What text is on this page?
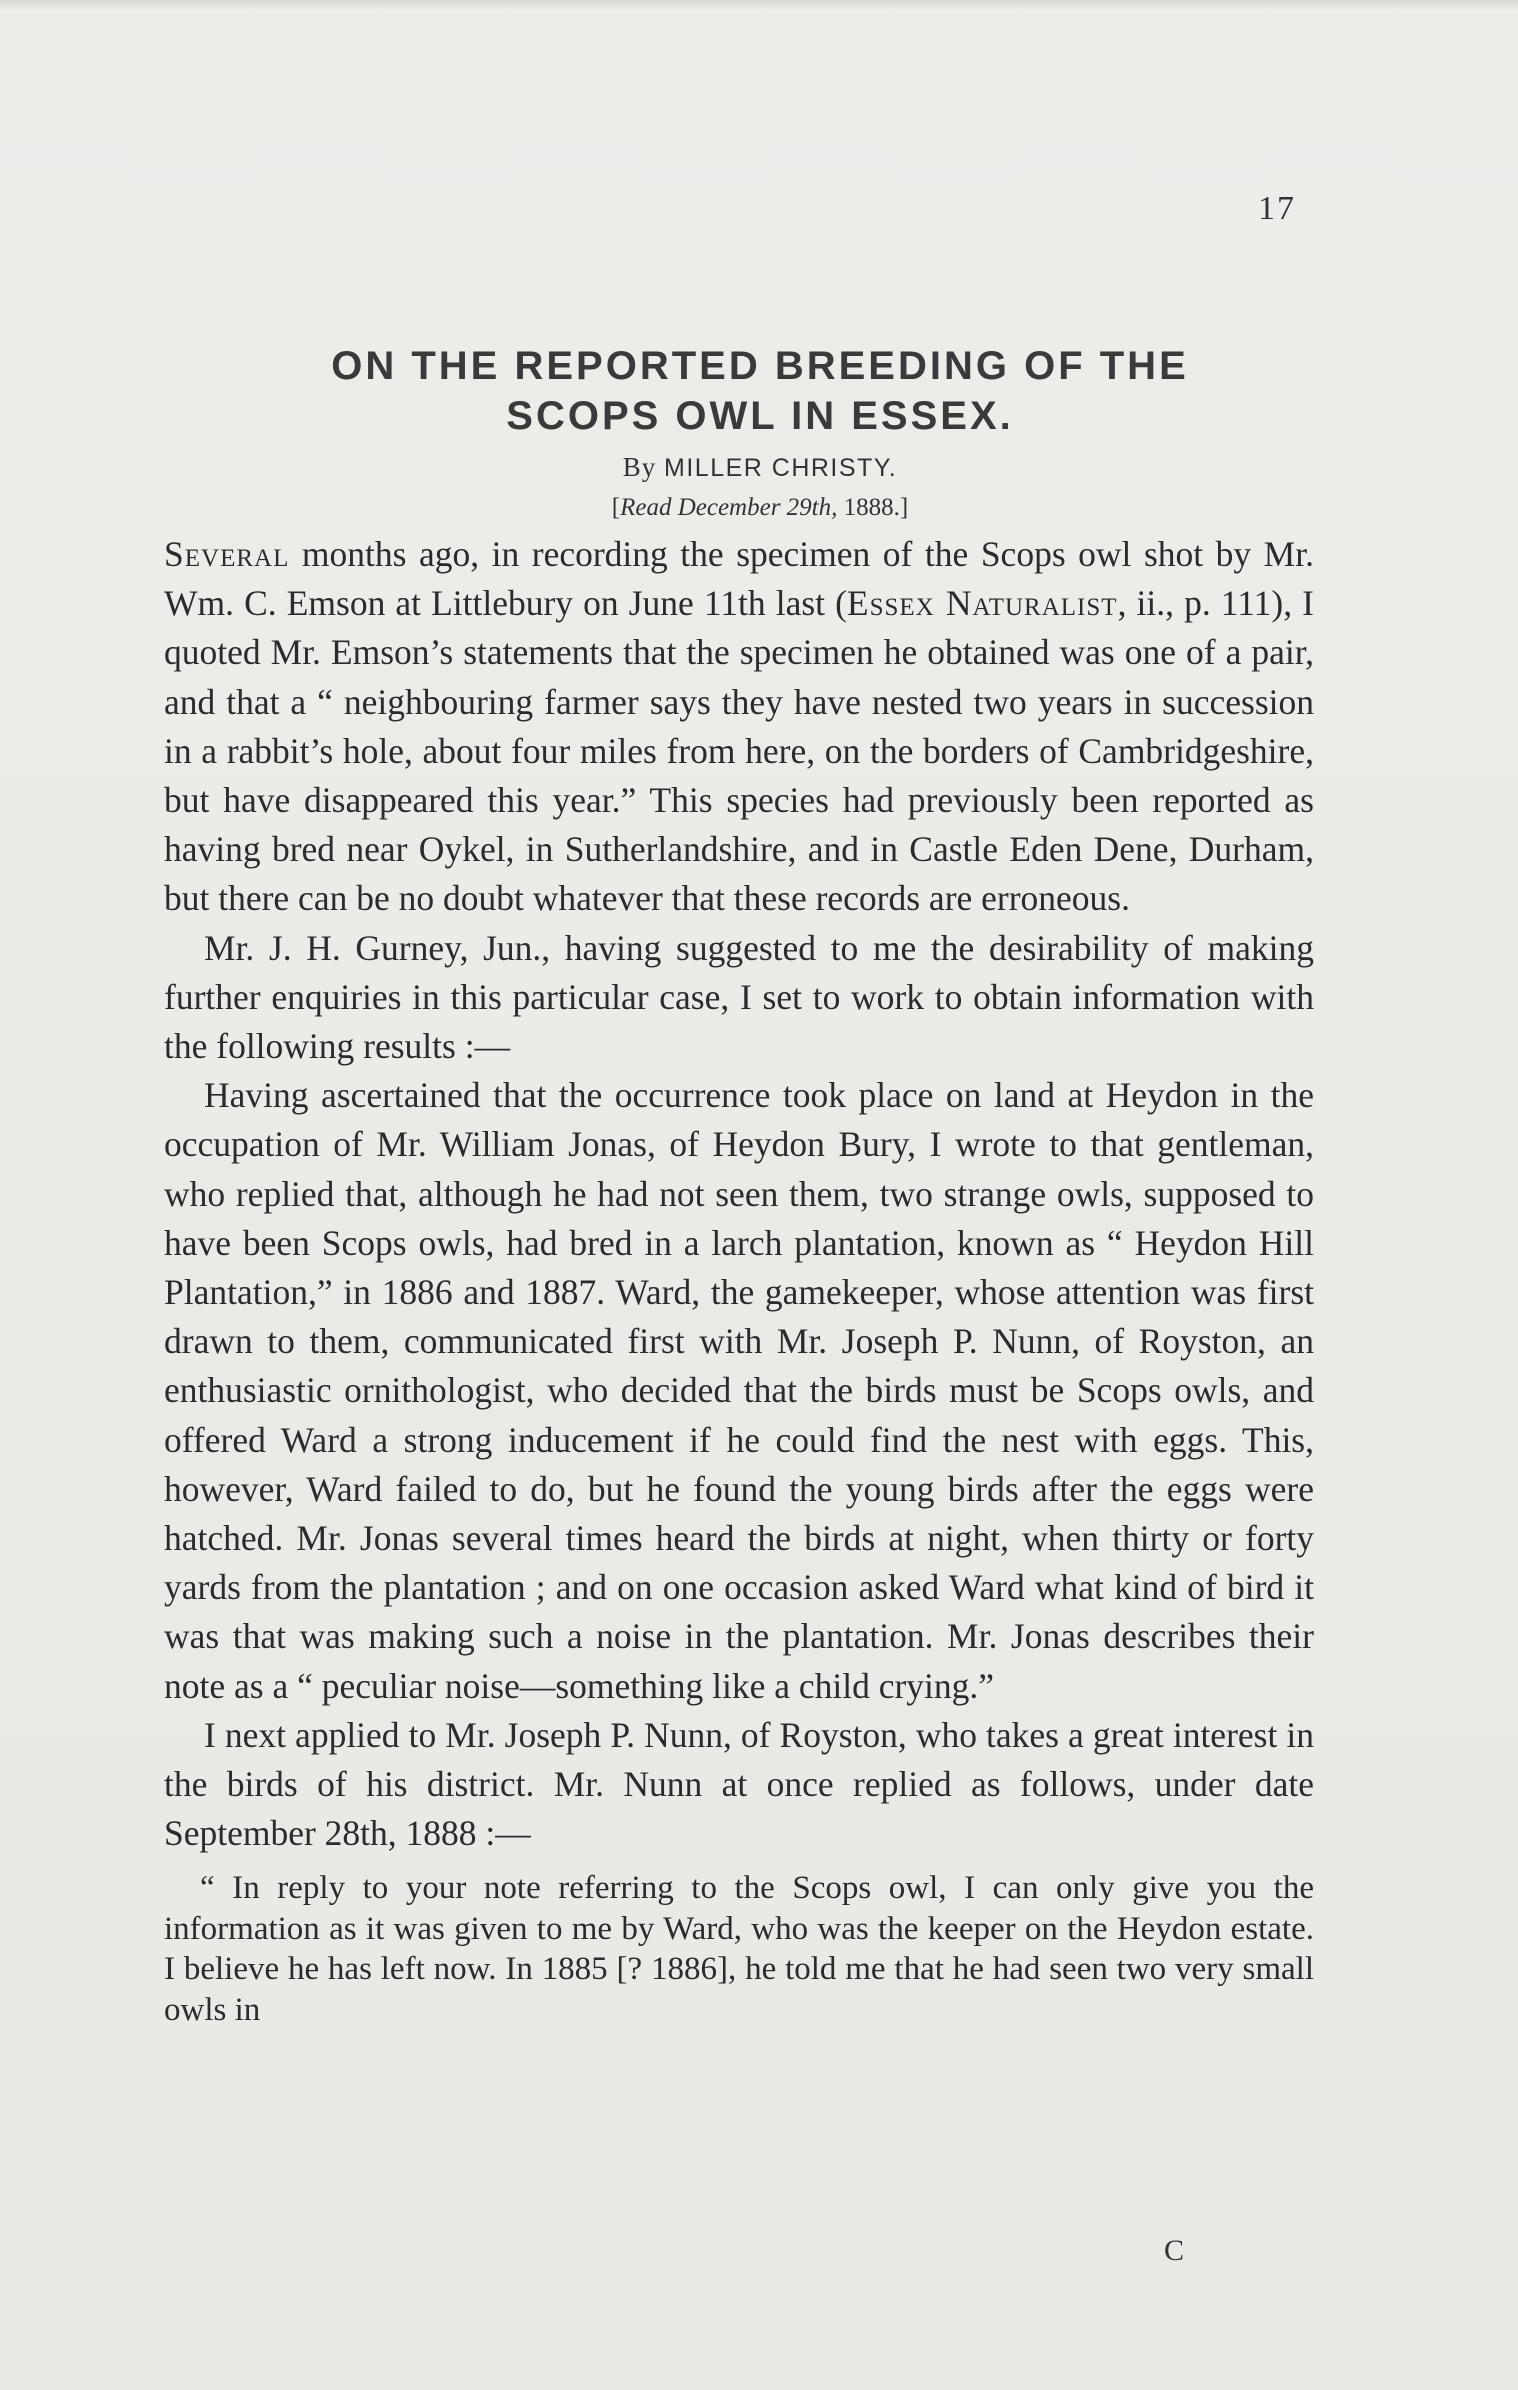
17
ON THE REPORTED BREEDING OF THE
SCOPS OWL IN ESSEX.
By MILLER CHRISTY.
[Read December 29th, 1888.]

Several months ago, in recording the specimen of the Scops owl shot by Mr. Wm. C. Emson at Littlebury on June 11th last (Essex Naturalist, ii., p. 111), I quoted Mr. Emson’s statements that the specimen he obtained was one of a pair, and that a “ neighbouring farmer says they have nested two years in succession in a rabbit’s hole, about four miles from here, on the borders of Cambridgeshire, but have disappeared this year.” This species had previously been reported as having bred near Oykel, in Sutherlandshire, and in Castle Eden Dene, Durham, but there can be no doubt whatever that these records are erroneous.

Mr. J. H. Gurney, Jun., having suggested to me the desirability of making further enquiries in this particular case, I set to work to obtain information with the following results :—

Having ascertained that the occurrence took place on land at Heydon in the occupation of Mr. William Jonas, of Heydon Bury, I wrote to that gentleman, who replied that, although he had not seen them, two strange owls, supposed to have been Scops owls, had bred in a larch plantation, known as “ Heydon Hill Plantation,” in 1886 and 1887. Ward, the gamekeeper, whose attention was first drawn to them, communicated first with Mr. Joseph P. Nunn, of Royston, an enthusiastic ornithologist, who decided that the birds must be Scops owls, and offered Ward a strong inducement if he could find the nest with eggs. This, however, Ward failed to do, but he found the young birds after the eggs were hatched. Mr. Jonas several times heard the birds at night, when thirty or forty yards from the plantation ; and on one occasion asked Ward what kind of bird it was that was making such a noise in the plantation. Mr. Jonas describes their note as a “ peculiar noise—something like a child crying.”

I next applied to Mr. Joseph P. Nunn, of Royston, who takes a great interest in the birds of his district. Mr. Nunn at once replied as follows, under date September 28th, 1888 :—

“ In reply to your note referring to the Scops owl, I can only give you the information as it was given to me by Ward, who was the keeper on the Heydon estate. I believe he has left now. In 1885 [? 1886], he told me that he had seen two very small owls in

C
